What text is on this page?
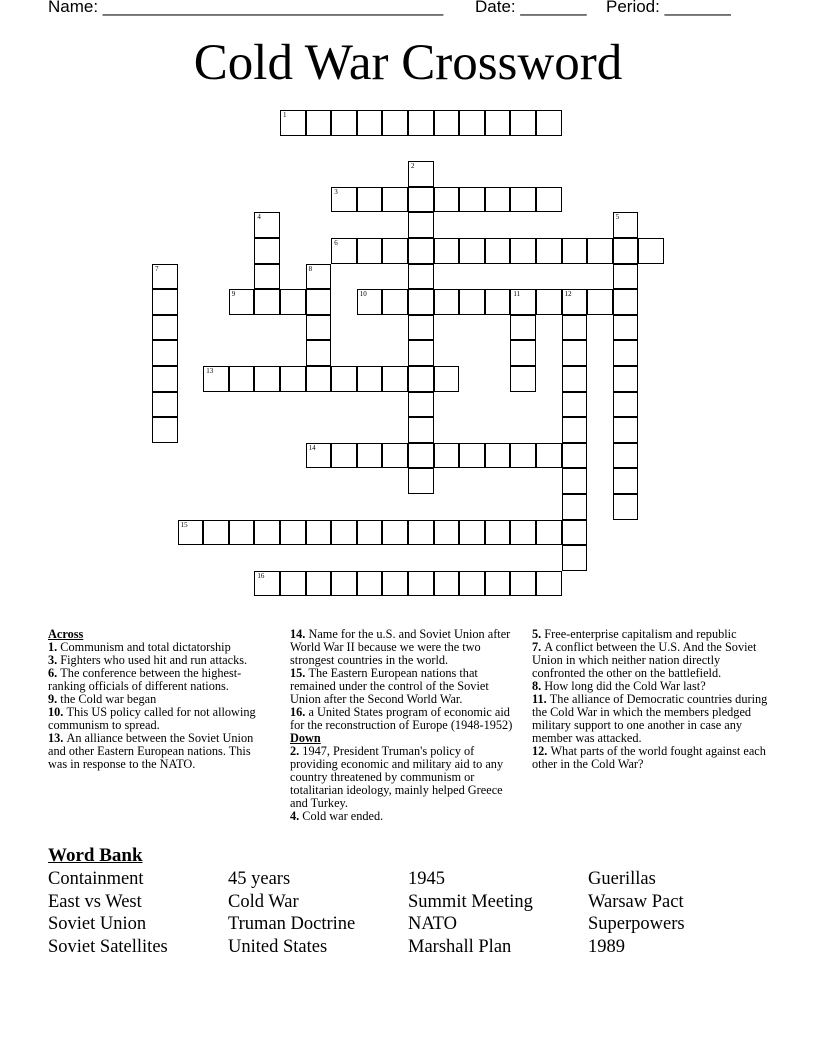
Name: ____________________________________ Date: _______ Period: _______
Cold War Crossword
1
2
3
4	5
6
7	8
9	10	11	12
13
14
15
16

Across

1. Communism and total dictatorship

3. Fighters who used hit and run attacks.

6. The conference between the highest-ranking officials of different nations.

9. the Cold war began

10. This US policy called for not allowing communism to spread.

13. An alliance between the Soviet Union and other Eastern European nations. This was in response to the NATO.

14. Name for the u.S. and Soviet Union after World War II because we were the two strongest countries in the world.

15. The Eastern European nations that remained under the control of the Soviet Union after the Second World War.

16. a United States program of economic aid for the reconstruction of Europe (1948-1952)

Down

2. 1947, President Truman's policy of providing economic and military aid to any country threatened by communism or totalitarian ideology, mainly helped Greece and Turkey.

4. Cold war ended.

5. Free-enterprise capitalism and republic

7. A conflict between the U.S. And the Soviet Union in which neither nation directly confronted the other on the battlefield.

8. How long did the Cold War last?

11. The alliance of Democratic countries during the Cold War in which the members pledged military support to one another in case any member was attacked.

12. What parts of the world fought against each other in the Cold War?

Word Bank
Containment	45 years	1945	Guerillas
East vs West	Cold War	Summit Meeting	Warsaw Pact
Soviet Union	Truman Doctrine	NATO	Superpowers
Soviet Satellites	United States	Marshall Plan	1989
